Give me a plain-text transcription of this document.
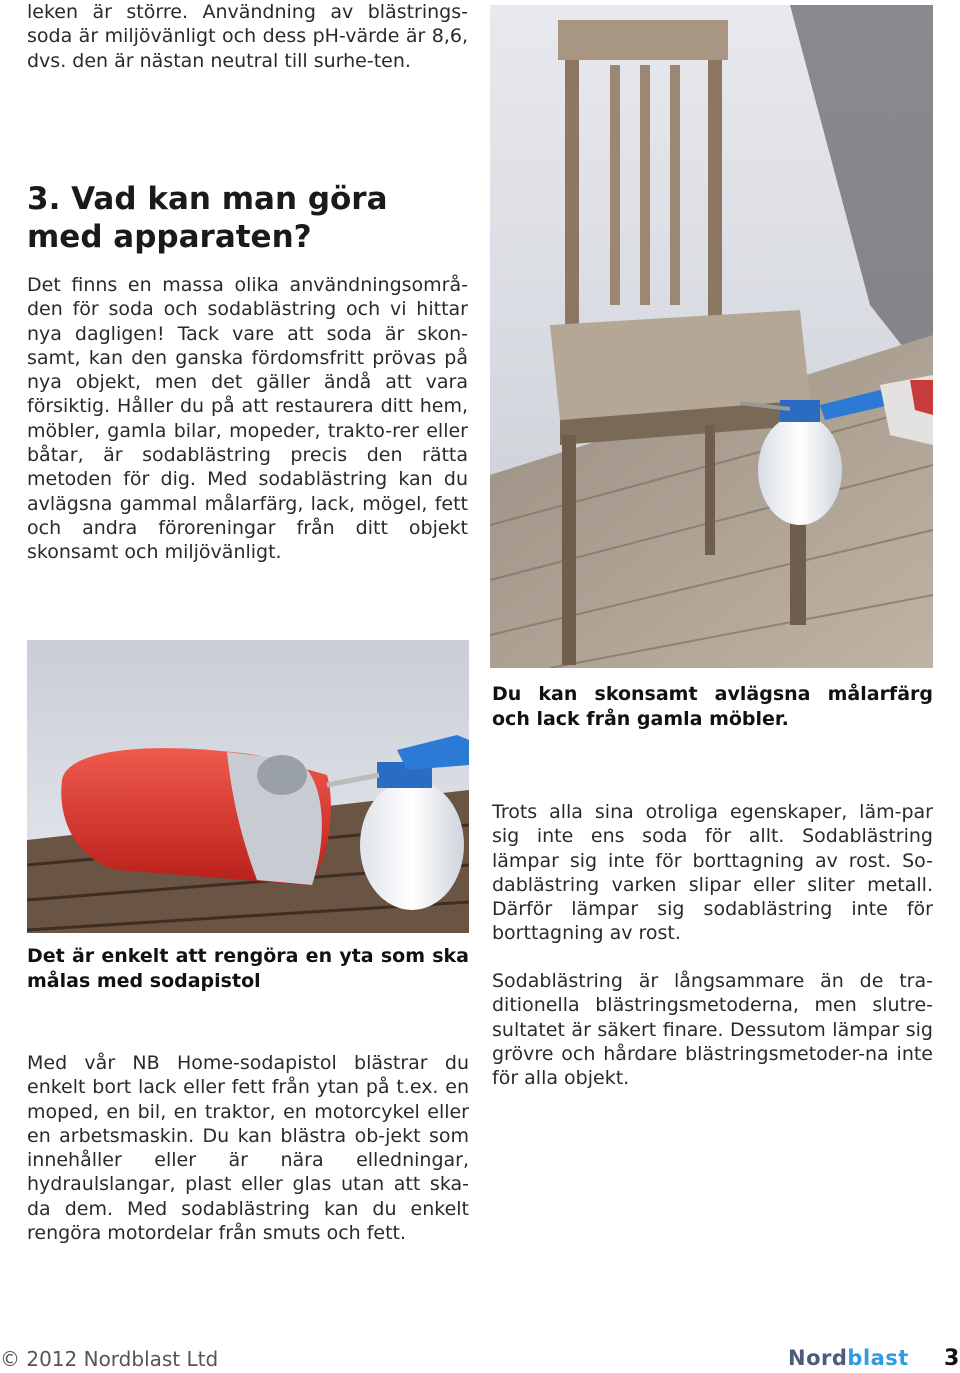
leken är större. Användning av blästrings-soda är miljövänligt och dess pH-värde är 8,6, dvs. den är nästan neutral till surhe-ten.

3. Vad kan man göra med apparaten?

Det finns en massa olika användningsområ-den för soda och sodablästring och vi hittar nya dagligen! Tack vare att soda är skon-samt, kan den ganska fördomsfritt prövas på nya objekt, men det gäller ändå att vara försiktig. Håller du på att restaurera ditt hem, möbler, gamla bilar, mopeder, trakto-rer eller båtar, är sodablästring precis den rätta metoden för dig. Med sodablästring kan du avlägsna gammal målarfärg, lack, mögel, fett och andra föroreningar från ditt objekt skonsamt och miljövänligt.

Du kan skonsamt avlägsna målarfärg och lack från gamla möbler.

Det är enkelt att rengöra en yta som ska målas med sodapistol

Med vår NB Home-sodapistol blästrar du enkelt bort lack eller fett från ytan på t.ex. en moped, en bil, en traktor, en motorcykel eller en arbetsmaskin. Du kan blästra ob-jekt som innehåller eller är nära elledningar, hydraulslangar, plast eller glas utan att ska-da dem. Med sodablästring kan du enkelt rengöra motordelar från smuts och fett.

Trots alla sina otroliga egenskaper, läm-par sig inte ens soda för allt. Sodablästring lämpar sig inte för borttagning av rost. So-dablästring varken slipar eller sliter metall. Därför lämpar sig sodablästring inte för borttagning av rost.

Sodablästring är långsammare än de tra-ditionella blästringsmetoderna, men slutre-sultatet är säkert finare. Dessutom lämpar sig grövre och hårdare blästringsmetoder-na inte för alla objekt.

© 2012 Nordblast Ltd	Nordblast 3
